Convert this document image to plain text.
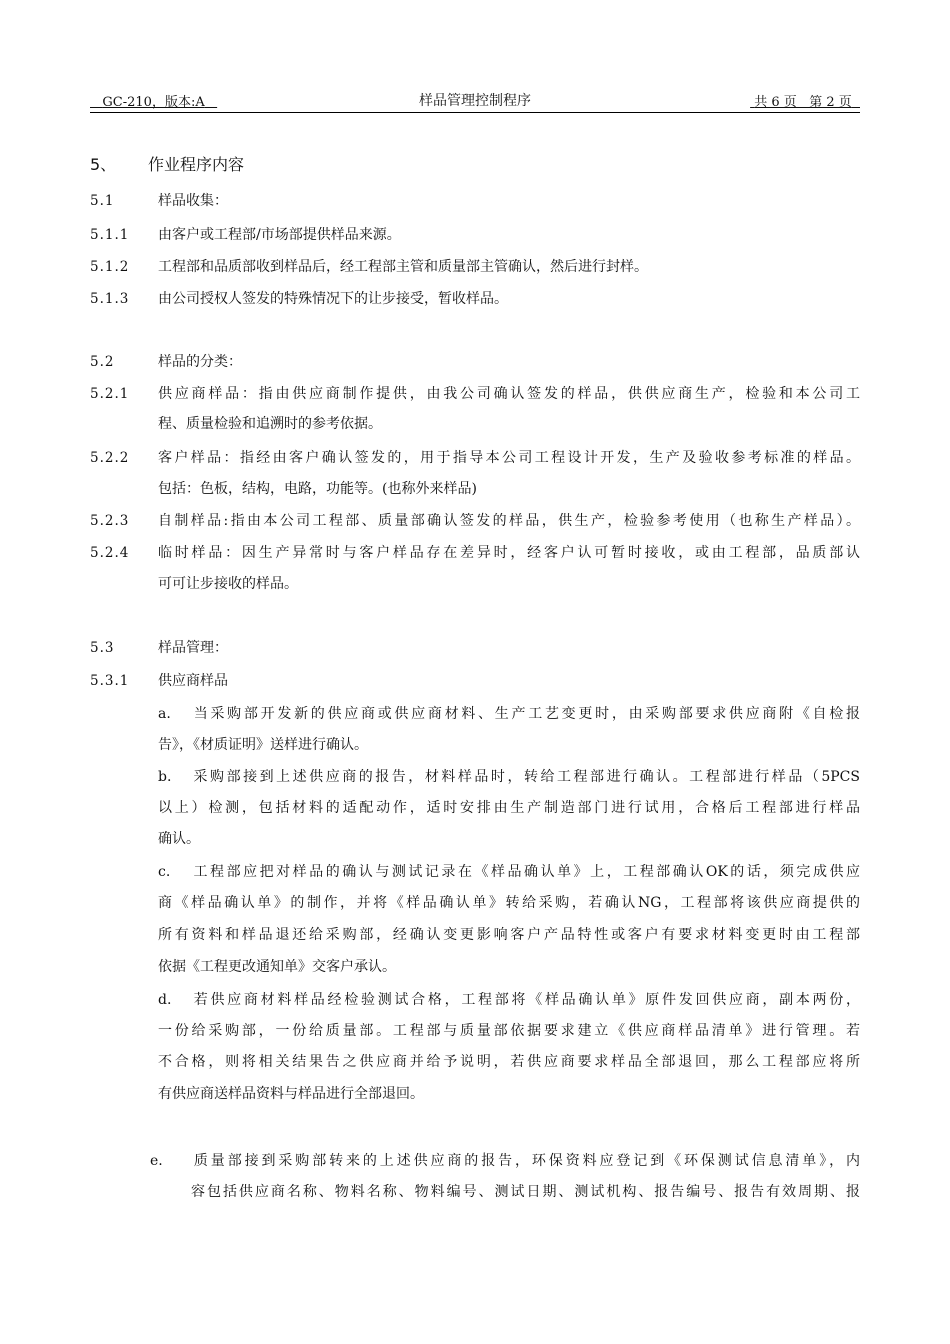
GC-210，版本:A	样品管理控制程序	共 6 页   第 2 页
5、 作业程序内容
5.1	样品收集：
5.1.1 由客户或工程部/市场部提供样品来源。
5.1.2 工程部和品质部收到样品后，经工程部主管和质量部主管确认，然后进行封样。
5.1.3 由公司授权人签发的特殊情况下的让步接受，暂收样品。
5.2	样品的分类：
5.2.1 供应商样品：指由供应商制作提供，由我公司确认签发的样品，供供应商生产，检验和本公司工
程、质量检验和追溯时的参考依据。
5.2.2 客户样品：指经由客户确认签发的，用于指导本公司工程设计开发，生产及验收参考标准的样品。
包括：色板，结构，电路，功能等。(也称外来样品)
5.2.3 自制样品:指由本公司工程部、质量部确认签发的样品，供生产，检验参考使用（也称生产样品）。
5.2.4 临时样品：因生产异常时与客户样品存在差异时，经客户认可暂时接收，或由工程部，品质部认
可可让步接收的样品。
5.3	样品管理：
5.3.1 供应商样品
a. 当采购部开发新的供应商或供应商材料、生产工艺变更时，由采购部要求供应商附《自检报
告》，《材质证明》送样进行确认。
b. 采购部接到上述供应商的报告，材料样品时，转给工程部进行确认。工程部进行样品（5PCS
以上）检测，包括材料的适配动作，适时安排由生产制造部门进行试用，合格后工程部进行样品
确认。
c. 工程部应把对样品的确认与测试记录在《样品确认单》上，工程部确认OK的话，须完成供应
商《样品确认单》的制作，并将《样品确认单》转给采购，若确认NG，工程部将该供应商提供的
所有资料和样品退还给采购部，经确认变更影响客户产品特性或客户有要求材料变更时由工程部
依据《工程更改通知单》交客户承认。
d. 若供应商材料样品经检验测试合格，工程部将《样品确认单》原件发回供应商，副本两份，
一份给采购部，一份给质量部。工程部与质量部依据要求建立《供应商样品清单》进行管理。若
不合格，则将相关结果告之供应商并给予说明，若供应商要求样品全部退回，那么工程部应将所
有供应商送样品资料与样品进行全部退回。
e. 质量部接到采购部转来的上述供应商的报告，环保资料应登记到《环保测试信息清单》，内
容包括供应商名称、物料名称、物料编号、测试日期、测试机构、报告编号、报告有效周期、报
